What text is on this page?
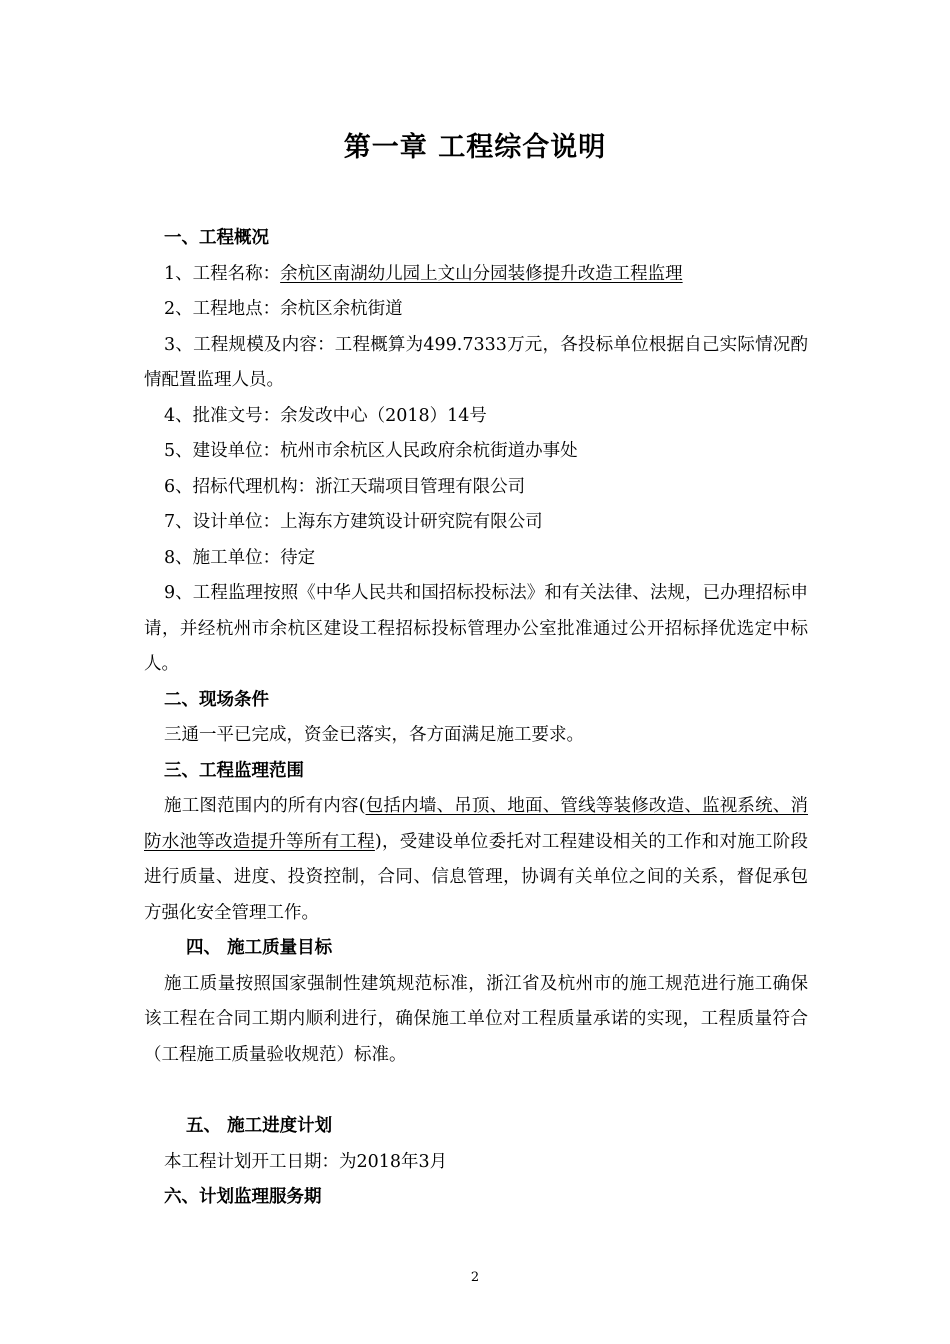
第一章 工程综合说明

一、工程概况

1、工程名称：余杭区南湖幼儿园上文山分园装修提升改造工程监理

2、工程地点：余杭区余杭街道

3、工程规模及内容：工程概算为499.7333万元，各投标单位根据自己实际情况酌情配置监理人员。

4、批准文号：余发改中心（2018）14号

5、建设单位：杭州市余杭区人民政府余杭街道办事处

6、招标代理机构：浙江天瑞项目管理有限公司

7、设计单位：上海东方建筑设计研究院有限公司

8、施工单位：待定

9、工程监理按照《中华人民共和国招标投标法》和有关法律、法规，已办理招标申请，并经杭州市余杭区建设工程招标投标管理办公室批准通过公开招标择优选定中标人。

二、现场条件

三通一平已完成，资金已落实，各方面满足施工要求。

三、工程监理范围

施工图范围内的所有内容(包括内墙、吊顶、地面、管线等装修改造、监视系统、消防水池等改造提升等所有工程)，受建设单位委托对工程建设相关的工作和对施工阶段进行质量、进度、投资控制，合同、信息管理，协调有关单位之间的关系，督促承包方强化安全管理工作。

四、 施工质量目标

施工质量按照国家强制性建筑规范标准，浙江省及杭州市的施工规范进行施工确保该工程在合同工期内顺利进行，确保施工单位对工程质量承诺的实现，工程质量符合（工程施工质量验收规范）标准。

五、 施工进度计划

本工程计划开工日期：为2018年3月

六、计划监理服务期

2
